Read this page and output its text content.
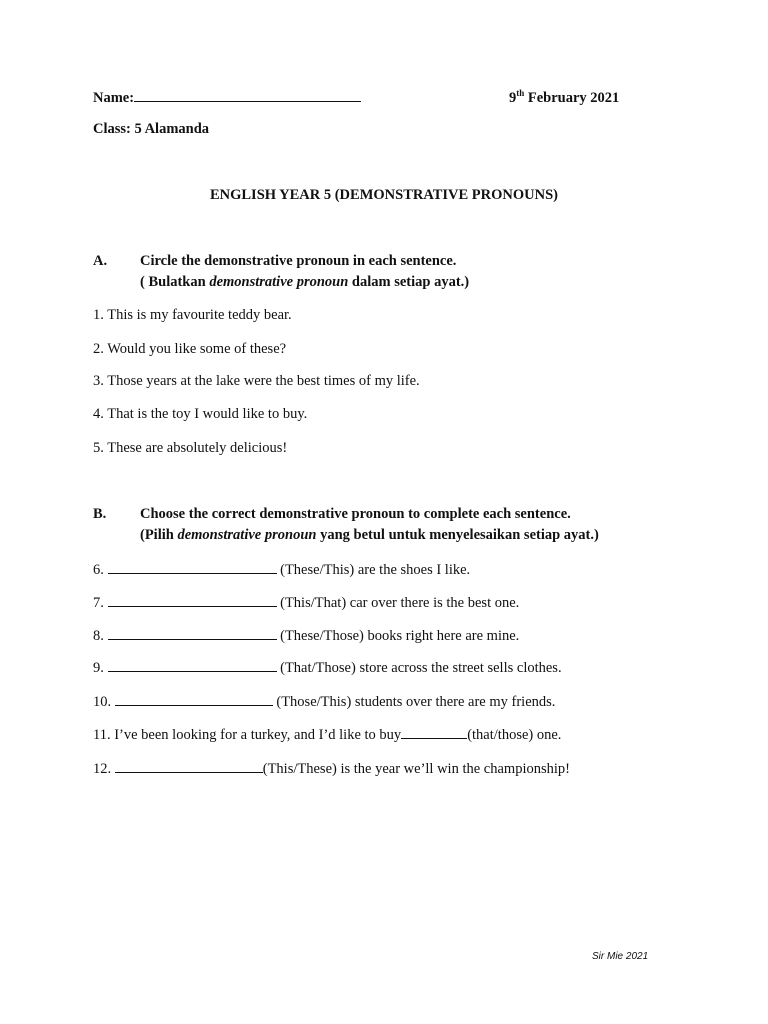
Name:	9th February 2021
Class: 5 Alamanda
ENGLISH YEAR 5 (DEMONSTRATIVE PRONOUNS)
A. Circle the demonstrative pronoun in each sentence.
( Bulatkan demonstrative pronoun dalam setiap ayat.)
1. This is my favourite teddy bear.
2. Would you like some of these?
3. Those years at the lake were the best times of my life.
4. That is the toy I would like to buy.
5. These are absolutely delicious!
B. Choose the correct demonstrative pronoun to complete each sentence.
(Pilih demonstrative pronoun yang betul untuk menyelesaikan setiap ayat.)
6.	(These/This) are the shoes I like.
7.	(This/That) car over there is the best one.
8.	(These/Those) books right here are mine.
9.	(That/Those) store across the street sells clothes.
10.	(Those/This) students over there are my friends.
11. I’ve been looking for a turkey, and I’d like to buy	(that/those) one.
12.	(This/These) is the year we’ll win the championship!
Sir Mie 2021
